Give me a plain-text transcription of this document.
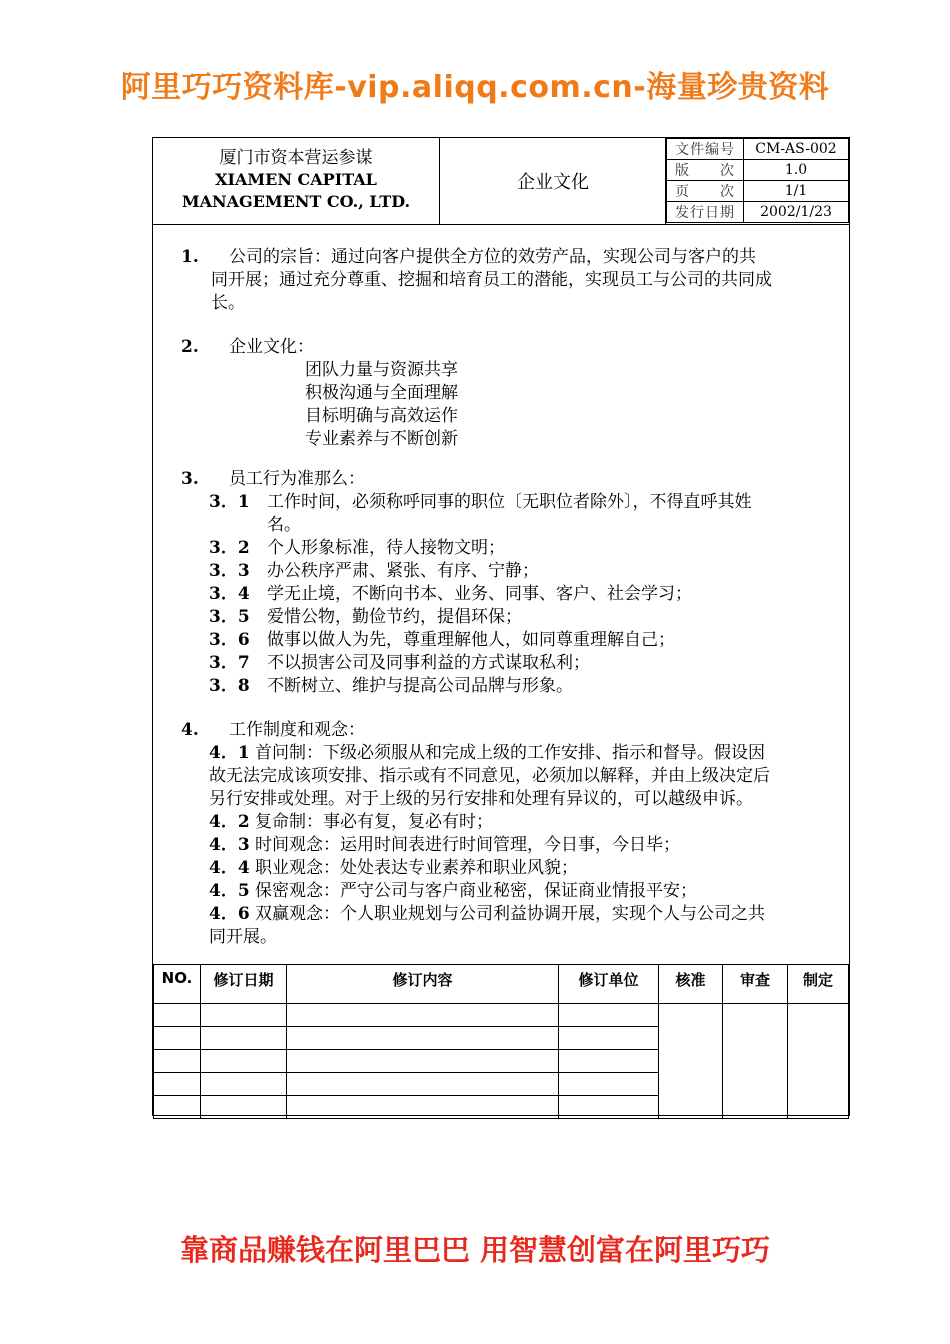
阿里巧巧资料库-vip.aliqq.com.cn-海量珍贵资料
厦门市资本营运参谋
XIAMEN CAPITAL
MANAGEMENT CO., LTD.
企业文化
文件编号	CM-AS-002
版　　次	1.0
页　　次	1/1
发行日期	2002/1/23
1. 公司的宗旨：通过向客户提供全方位的效劳产品，实现公司与客户的共
同开展；通过充分尊重、挖掘和培育员工的潜能，实现员工与公司的共同成
长。
2. 企业文化：
团队力量与资源共享
积极沟通与全面理解
目标明确与高效运作
专业素养与不断创新
3. 员工行为准那么：
3．1 工作时间，必须称呼同事的职位〔无职位者除外〕，不得直呼其姓
名。
3．2 个人形象标准，待人接物文明；
3．3 办公秩序严肃、紧张、有序、宁静；
3．4 学无止境，不断向书本、业务、同事、客户、社会学习；
3．5 爱惜公物，勤俭节约，提倡环保；
3．6 做事以做人为先，尊重理解他人，如同尊重理解自己；
3．7 不以损害公司及同事利益的方式谋取私利；
3．8 不断树立、维护与提高公司品牌与形象。
4. 工作制度和观念：
4．1 首问制：下级必须服从和完成上级的工作安排、指示和督导。假设因
故无法完成该项安排、指示或有不同意见，必须加以解释，并由上级决定后
另行安排或处理。对于上级的另行安排和处理有异议的，可以越级申诉。
4．2 复命制：事必有复，复必有时；
4．3 时间观念：运用时间表进行时间管理，今日事，今日毕；
4．4 职业观念：处处表达专业素养和职业风貌；
4．5 保密观念：严守公司与客户商业秘密，保证商业情报平安；
4．6 双赢观念：个人职业规划与公司利益协调开展，实现个人与公司之共
同开展。
NO.	修订日期	修订内容	修订单位	核准	审查	制定

靠商品赚钱在阿里巴巴 用智慧创富在阿里巧巧
